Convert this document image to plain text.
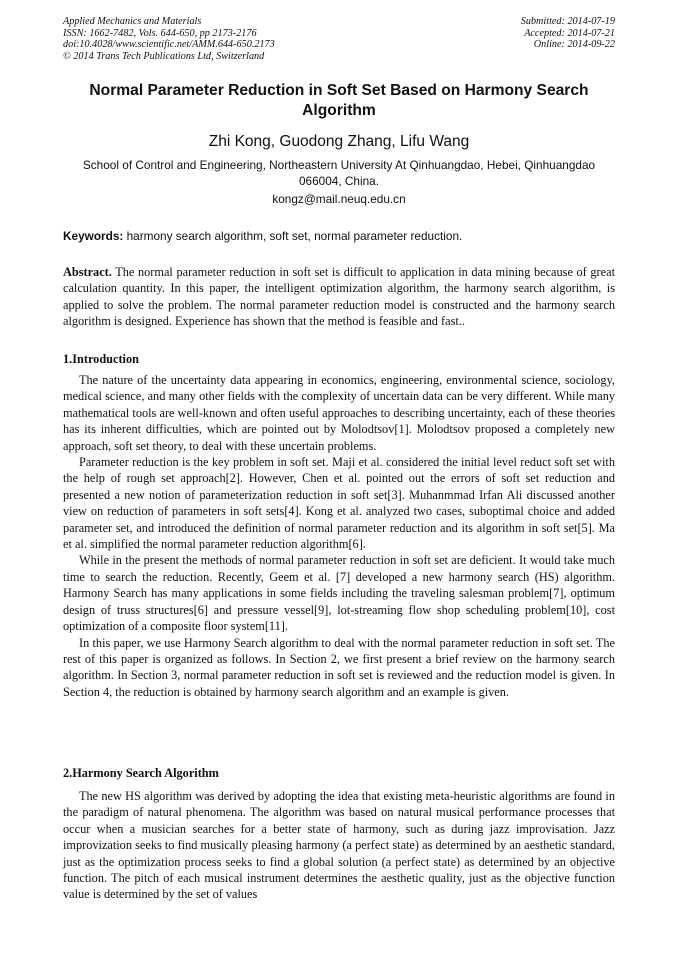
Applied Mechanics and Materials
ISSN: 1662-7482, Vols. 644-650, pp 2173-2176
doi:10.4028/www.scientific.net/AMM.644-650.2173
© 2014 Trans Tech Publications Ltd, Switzerland
Submitted: 2014-07-19
Accepted: 2014-07-21
Online: 2014-09-22
Normal Parameter Reduction in Soft Set Based on Harmony Search Algorithm
Zhi Kong, Guodong Zhang, Lifu Wang
School of Control and Engineering, Northeastern University At Qinhuangdao, Hebei, Qinhuangdao 066004, China.
kongz@mail.neuq.edu.cn
Keywords: harmony search algorithm, soft set, normal parameter reduction.
Abstract. The normal parameter reduction in soft set is difficult to application in data mining because of great calculation quantity. In this paper, the intelligent optimization algorithm, the harmony search algorithm, is applied to solve the problem. The normal parameter reduction model is constructed and the harmony search algorithm is designed. Experience has shown that the method is feasible and fast..
1.Introduction

The nature of the uncertainty data appearing in economics, engineering, environmental science, sociology, medical science, and many other fields with the complexity of uncertain data can be very different. While many mathematical tools are well-known and often useful approaches to describing uncertainty, each of these theories has its inherent difficulties, which are pointed out by Molodtsov[1]. Molodtsov proposed a completely new approach, soft set theory, to deal with these uncertain problems.

Parameter reduction is the key problem in soft set. Maji et al. considered the initial level reduct soft set with the help of rough set approach[2]. However, Chen et al. pointed out the errors of soft set reduction and presented a new notion of parameterization reduction in soft set[3]. Muhanmmad Irfan Ali discussed another view on reduction of parameters in soft sets[4]. Kong et al. analyzed two cases, suboptimal choice and added parameter set, and introduced the definition of normal parameter reduction and its algorithm in soft set[5]. Ma et al. simplified the normal parameter reduction algorithm[6].

While in the present the methods of normal parameter reduction in soft set are deficient. It would take much time to search the reduction. Recently, Geem et al. [7] developed a new harmony search (HS) algorithm. Harmony Search has many applications in some fields including the traveling salesman problem[7], optimum design of truss structures[6] and pressure vessel[9], lot-streaming flow shop scheduling problem[10], cost optimization of a composite floor system[11].

In this paper, we use Harmony Search algorithm to deal with the normal parameter reduction in soft set. The rest of this paper is organized as follows. In Section 2, we first present a brief review on the harmony search algorithm. In Section 3, normal parameter reduction in soft set is reviewed and the reduction model is given. In Section 4, the reduction is obtained by harmony search algorithm and an example is given.

2.Harmony Search Algorithm

The new HS algorithm was derived by adopting the idea that existing meta-heuristic algorithms are found in the paradigm of natural phenomena. The algorithm was based on natural musical performance processes that occur when a musician searches for a better state of harmony, such as during jazz improvisation. Jazz improvization seeks to find musically pleasing harmony (a perfect state) as determined by an aesthetic standard, just as the optimization process seeks to find a global solution (a perfect state) as determined by an objective function. The pitch of each musical instrument determines the aesthetic quality, just as the objective function value is determined by the set of values
